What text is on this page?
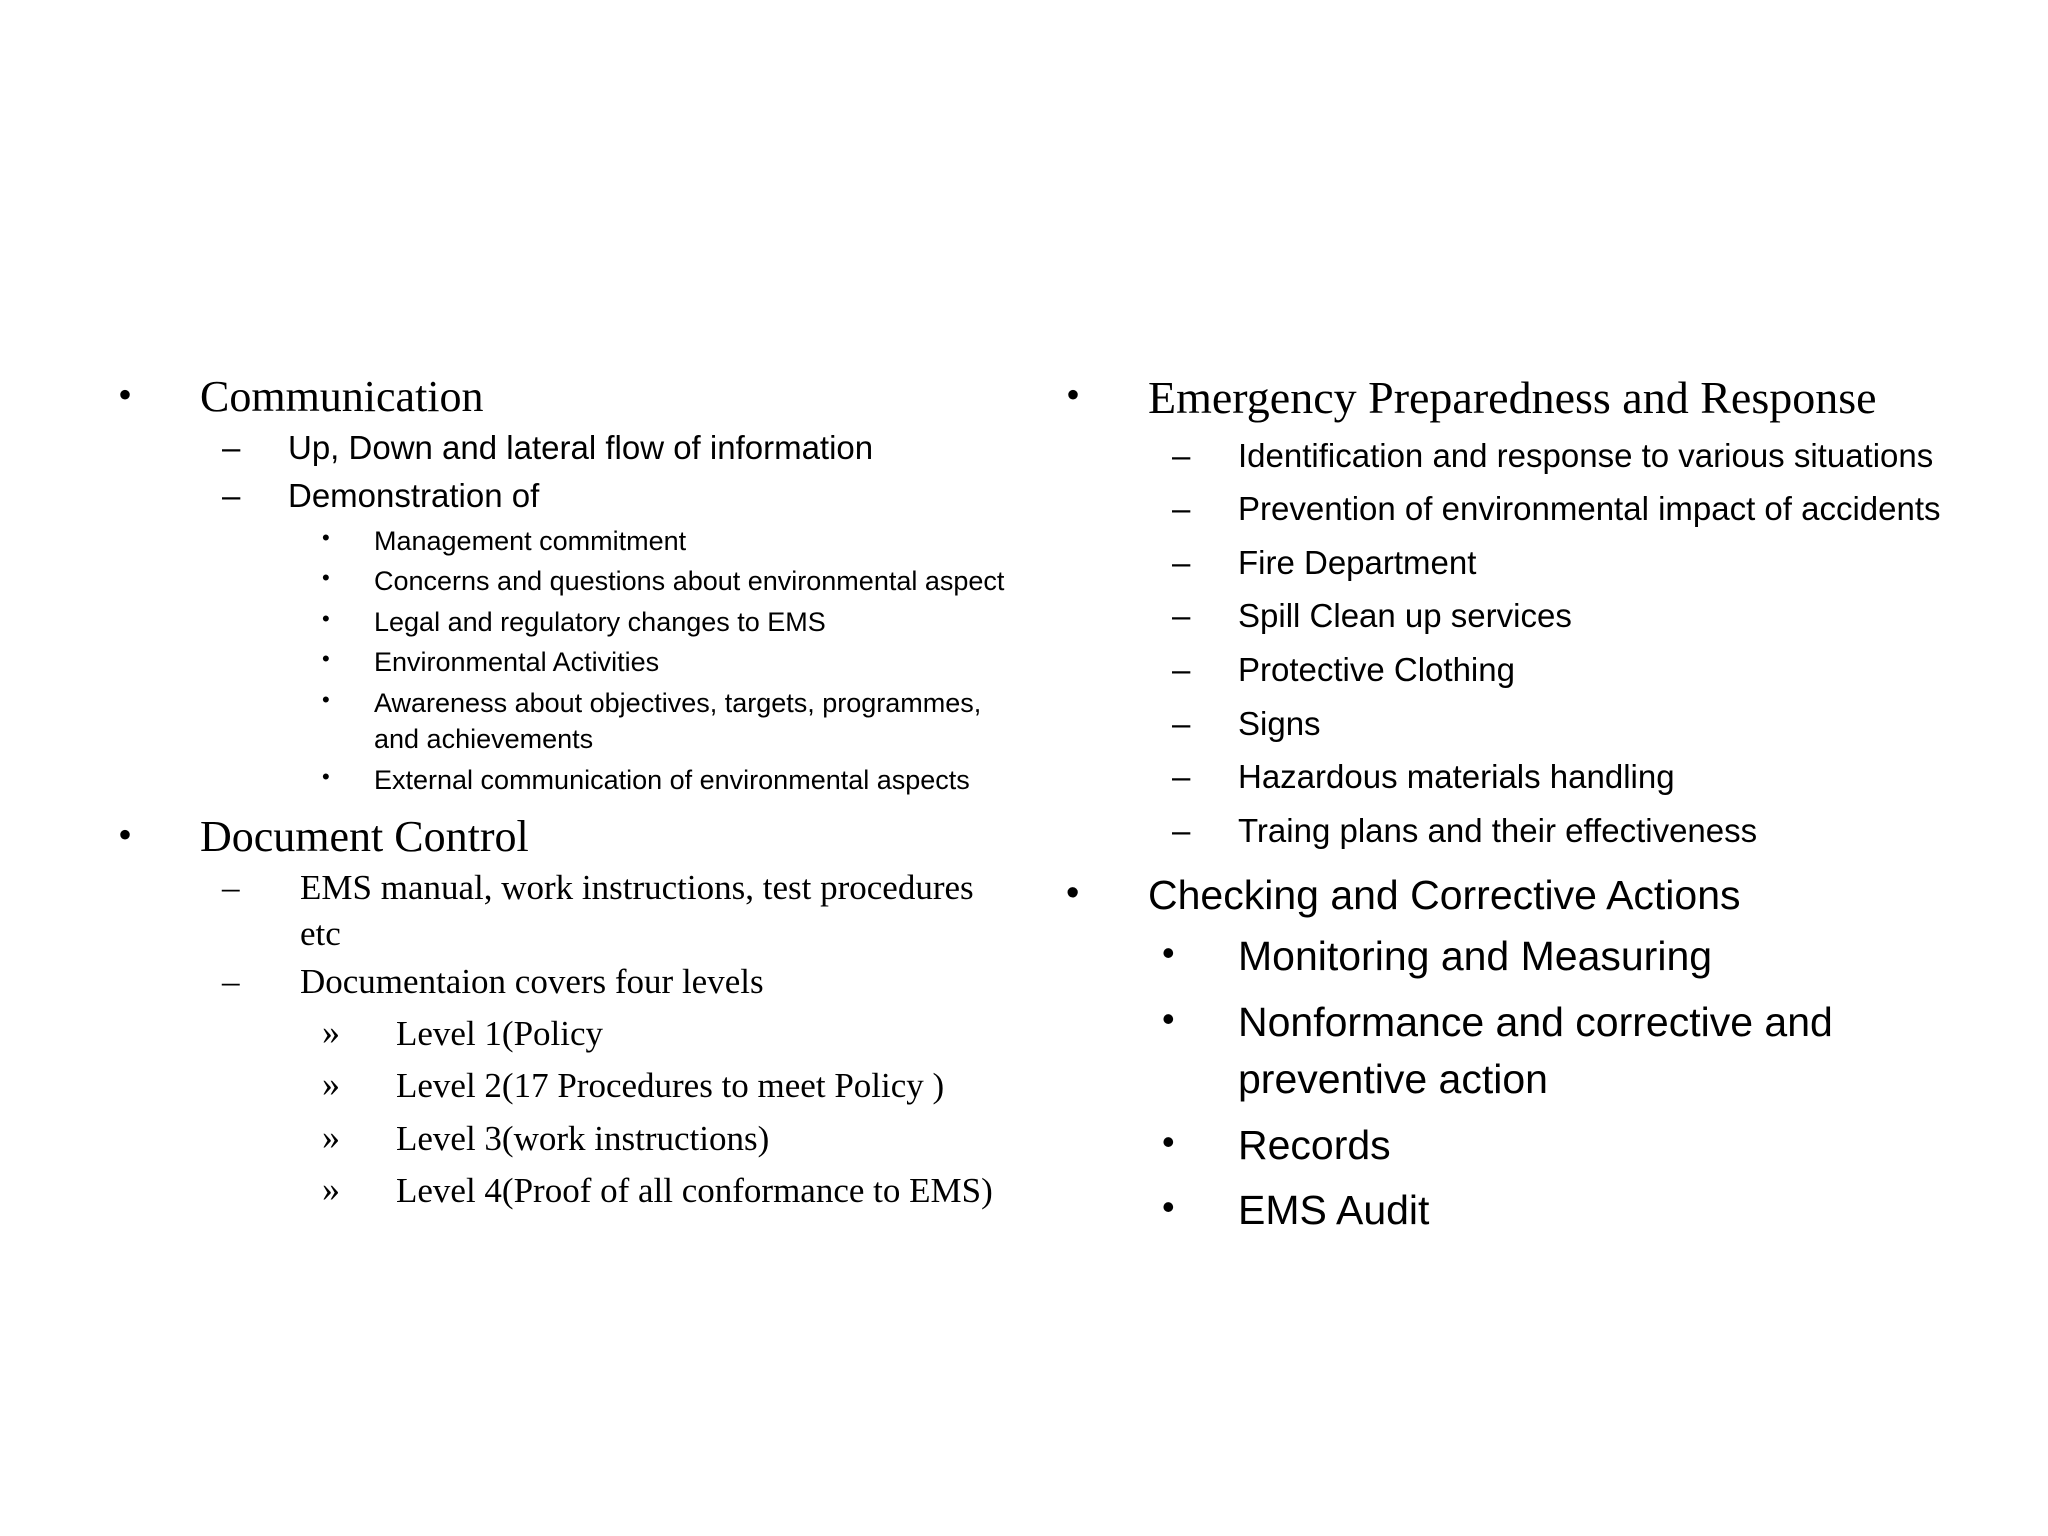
• Communication
– Up, Down and lateral flow of information
– Demonstration of
• Management commitment
• Concerns and questions about environmental aspect
• Legal and regulatory changes to EMS
• Environmental Activities
• Awareness about objectives, targets, programmes, and achievements
• External communication of environmental aspects
• Document Control
– EMS manual, work instructions, test procedures etc
– Documentaion covers four levels
» Level 1(Policy
» Level 2(17 Procedures to meet Policy )
» Level 3(work instructions)
» Level 4(Proof of all conformance to EMS)
• Emergency Preparedness and Response
– Identification and response to various situations
– Prevention of environmental impact of accidents
– Fire Department
– Spill Clean up services
– Protective Clothing
– Signs
– Hazardous materials handling
– Traing plans and their effectiveness
• Checking and Corrective Actions
• Monitoring and Measuring
• Nonformance and corrective and preventive action
• Records
• EMS Audit
